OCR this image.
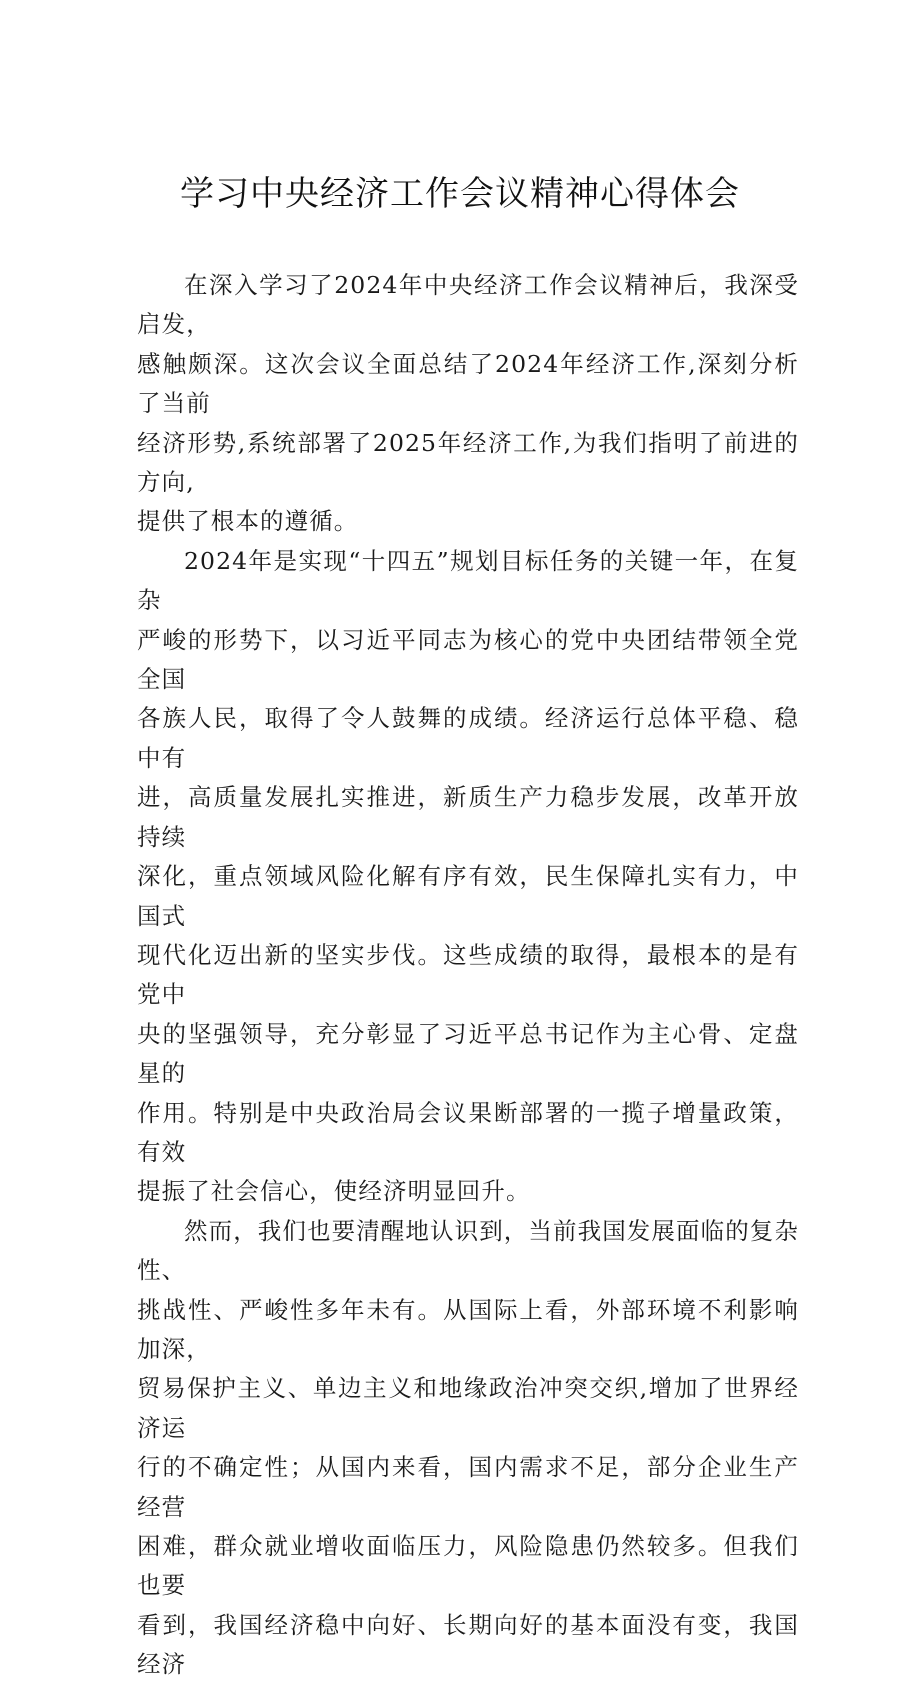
学习中央经济工作会议精神心得体会

在深入学习了2024年中央经济工作会议精神后，我深受启发，
感触颇深。这次会议全面总结了2024年经济工作,深刻分析了当前
经济形势,系统部署了2025年经济工作,为我们指明了前进的方向,
提供了根本的遵循。

2024年是实现“十四五”规划目标任务的关键一年，在复杂
严峻的形势下，以习近平同志为核心的党中央团结带领全党全国
各族人民，取得了令人鼓舞的成绩。经济运行总体平稳、稳中有
进，高质量发展扎实推进，新质生产力稳步发展，改革开放持续
深化，重点领域风险化解有序有效，民生保障扎实有力，中国式
现代化迈出新的坚实步伐。这些成绩的取得，最根本的是有党中
央的坚强领导，充分彰显了习近平总书记作为主心骨、定盘星的
作用。特别是中央政治局会议果断部署的一揽子增量政策，有效
提振了社会信心，使经济明显回升。

然而，我们也要清醒地认识到，当前我国发展面临的复杂性、
挑战性、严峻性多年未有。从国际上看，外部环境不利影响加深，
贸易保护主义、单边主义和地缘政治冲突交织,增加了世界经济运
行的不确定性；从国内来看，国内需求不足，部分企业生产经营
困难，群众就业增收面临压力，风险隐患仍然较多。但我们也要
看到，我国经济稳中向好、长期向好的基本面没有变，我国经济
